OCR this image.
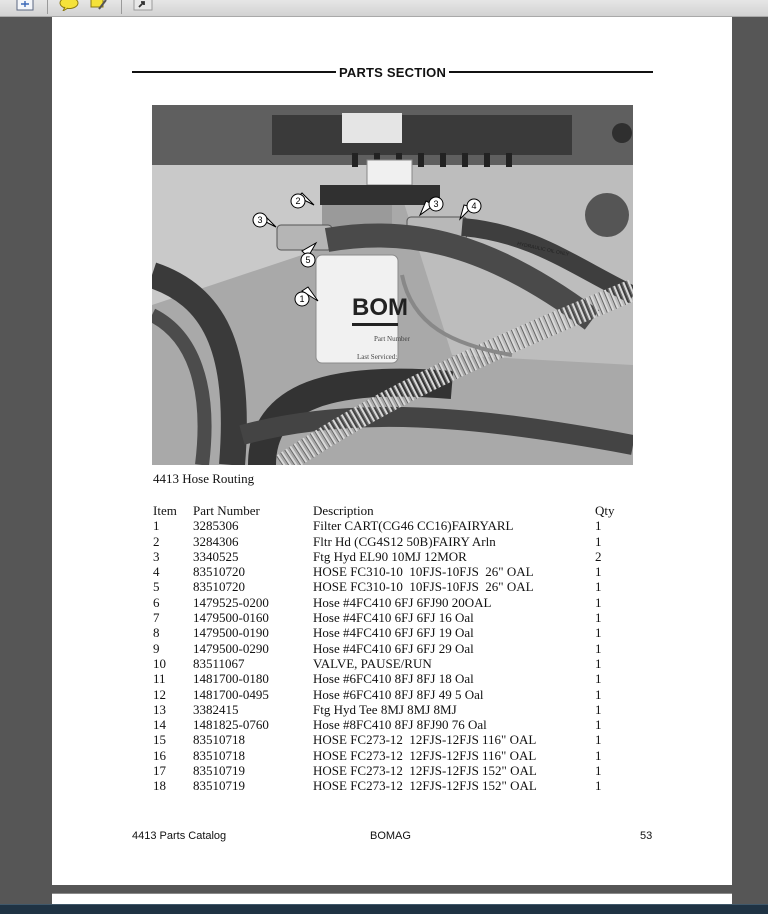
PARTS SECTION
BOM
Part Number
Last Serviced:
HYDRAULIC OIL ONLY
1
2
3
3	4
5
4413 Hose Routing
Item	Part Number	Description	Qty
1	3285306	Filter CART(CG46 CC16)FAIRYARL	1
2	3284306	Fltr Hd (CG4S12 50B)FAIRY Arln	1
3	3340525	Ftg Hyd EL90 10MJ 12MOR	2
4	83510720	HOSE FC310-10  10FJS-10FJS  26" OAL	1
5	83510720	HOSE FC310-10  10FJS-10FJS  26" OAL	1
6	1479525-0200	Hose #4FC410 6FJ 6FJ90 20OAL	1
7	1479500-0160	Hose #4FC410 6FJ 6FJ 16 Oal	1
8	1479500-0190	Hose #4FC410 6FJ 6FJ 19 Oal	1
9	1479500-0290	Hose #4FC410 6FJ 6FJ 29 Oal	1
10	83511067	VALVE, PAUSE/RUN	1
11	1481700-0180	Hose #6FC410 8FJ 8FJ 18 Oal	1
12	1481700-0495	Hose #6FC410 8FJ 8FJ 49 5 Oal	1
13	3382415	Ftg Hyd Tee 8MJ 8MJ 8MJ	1
14	1481825-0760	Hose #8FC410 8FJ 8FJ90 76 Oal	1
15	83510718	HOSE FC273-12  12FJS-12FJS 116" OAL	1
16	83510718	HOSE FC273-12  12FJS-12FJS 116" OAL	1
17	83510719	HOSE FC273-12  12FJS-12FJS 152" OAL	1
18	83510719	HOSE FC273-12  12FJS-12FJS 152" OAL	1
4413 Parts Catalog	BOMAG	53
